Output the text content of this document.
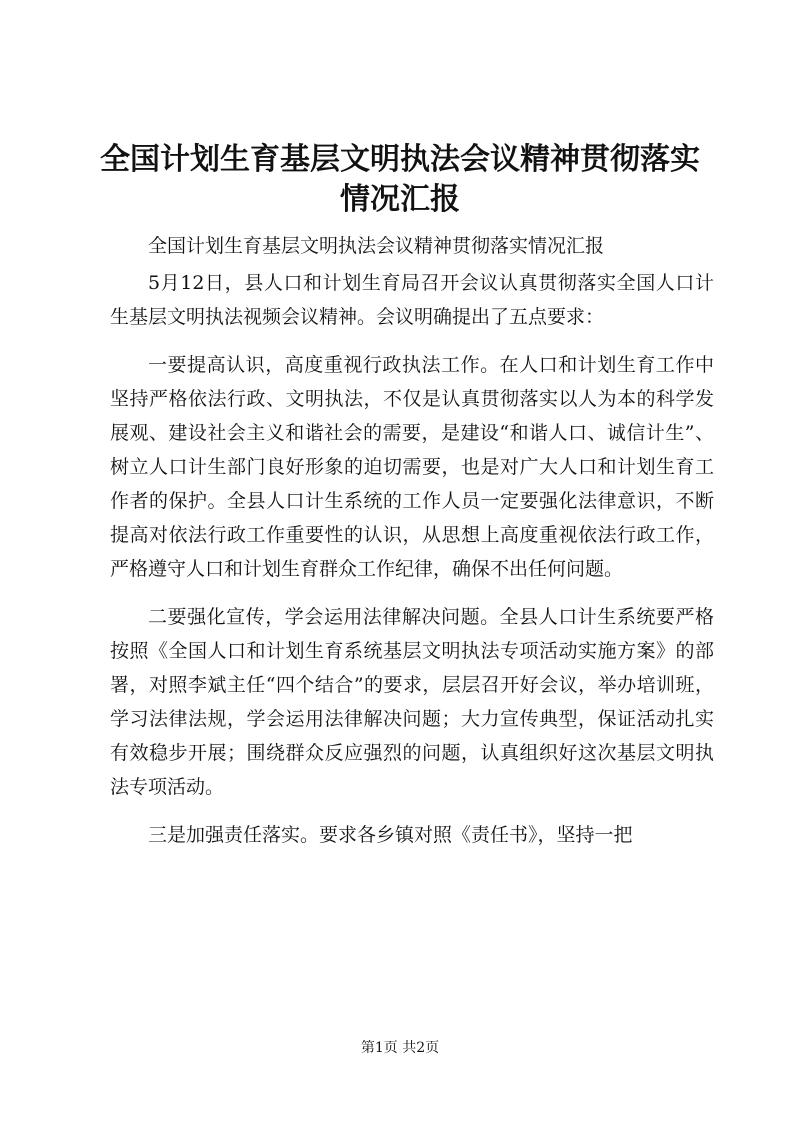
全国计划生育基层文明执法会议精神贯彻落实情况汇报

全国计划生育基层文明执法会议精神贯彻落实情况汇报

5月12日，县人口和计划生育局召开会议认真贯彻落实全国人口计生基层文明执法视频会议精神。会议明确提出了五点要求：

一要提高认识，高度重视行政执法工作。在人口和计划生育工作中坚持严格依法行政、文明执法，不仅是认真贯彻落实以人为本的科学发展观、建设社会主义和谐社会的需要，是建设“和谐人口、诚信计生”、树立人口计生部门良好形象的迫切需要，也是对广大人口和计划生育工作者的保护。全县人口计生系统的工作人员一定要强化法律意识，不断提高对依法行政工作重要性的认识，从思想上高度重视依法行政工作，严格遵守人口和计划生育群众工作纪律，确保不出任何问题。

二要强化宣传，学会运用法律解决问题。全县人口计生系统要严格按照《全国人口和计划生育系统基层文明执法专项活动实施方案》的部署，对照李斌主任“四个结合”的要求，层层召开好会议，举办培训班，学习法律法规，学会运用法律解决问题；大力宣传典型，保证活动扎实有效稳步开展；围绕群众反应强烈的问题，认真组织好这次基层文明执法专项活动。

三是加强责任落实。要求各乡镇对照《责任书》，坚持一把

第1页 共2页
